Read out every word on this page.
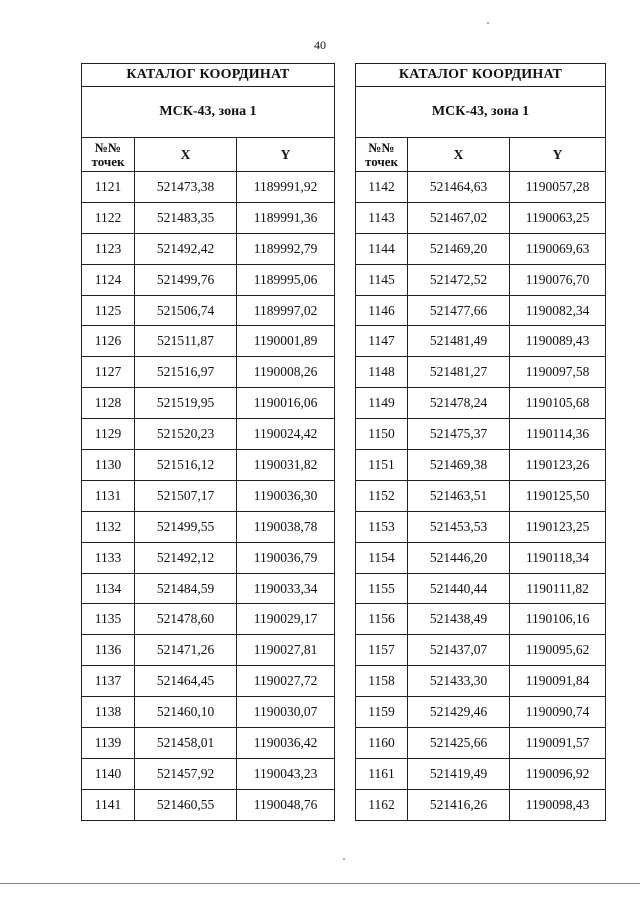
40
КАТАЛОГ КООРДИНАТ		
МСК-43, зона 1		
№№
точек	X	Y
1121	521473,38	1189991,92
1122	521483,35	1189991,36
1123	521492,42	1189992,79
1124	521499,76	1189995,06
1125	521506,74	1189997,02
1126	521511,87	1190001,89
1127	521516,97	1190008,26
1128	521519,95	1190016,06
1129	521520,23	1190024,42
1130	521516,12	1190031,82
1131	521507,17	1190036,30
1132	521499,55	1190038,78
1133	521492,12	1190036,79
1134	521484,59	1190033,34
1135	521478,60	1190029,17
1136	521471,26	1190027,81
1137	521464,45	1190027,72
1138	521460,10	1190030,07
1139	521458,01	1190036,42
1140	521457,92	1190043,23
1141	521460,55	1190048,76
КАТАЛОГ КООРДИНАТ		
МСК-43, зона 1		
№№
точек	X	Y
1142	521464,63	1190057,28
1143	521467,02	1190063,25
1144	521469,20	1190069,63
1145	521472,52	1190076,70
1146	521477,66	1190082,34
1147	521481,49	1190089,43
1148	521481,27	1190097,58
1149	521478,24	1190105,68
1150	521475,37	1190114,36
1151	521469,38	1190123,26
1152	521463,51	1190125,50
1153	521453,53	1190123,25
1154	521446,20	1190118,34
1155	521440,44	1190111,82
1156	521438,49	1190106,16
1157	521437,07	1190095,62
1158	521433,30	1190091,84
1159	521429,46	1190090,74
1160	521425,66	1190091,57
1161	521419,49	1190096,92
1162	521416,26	1190098,43
